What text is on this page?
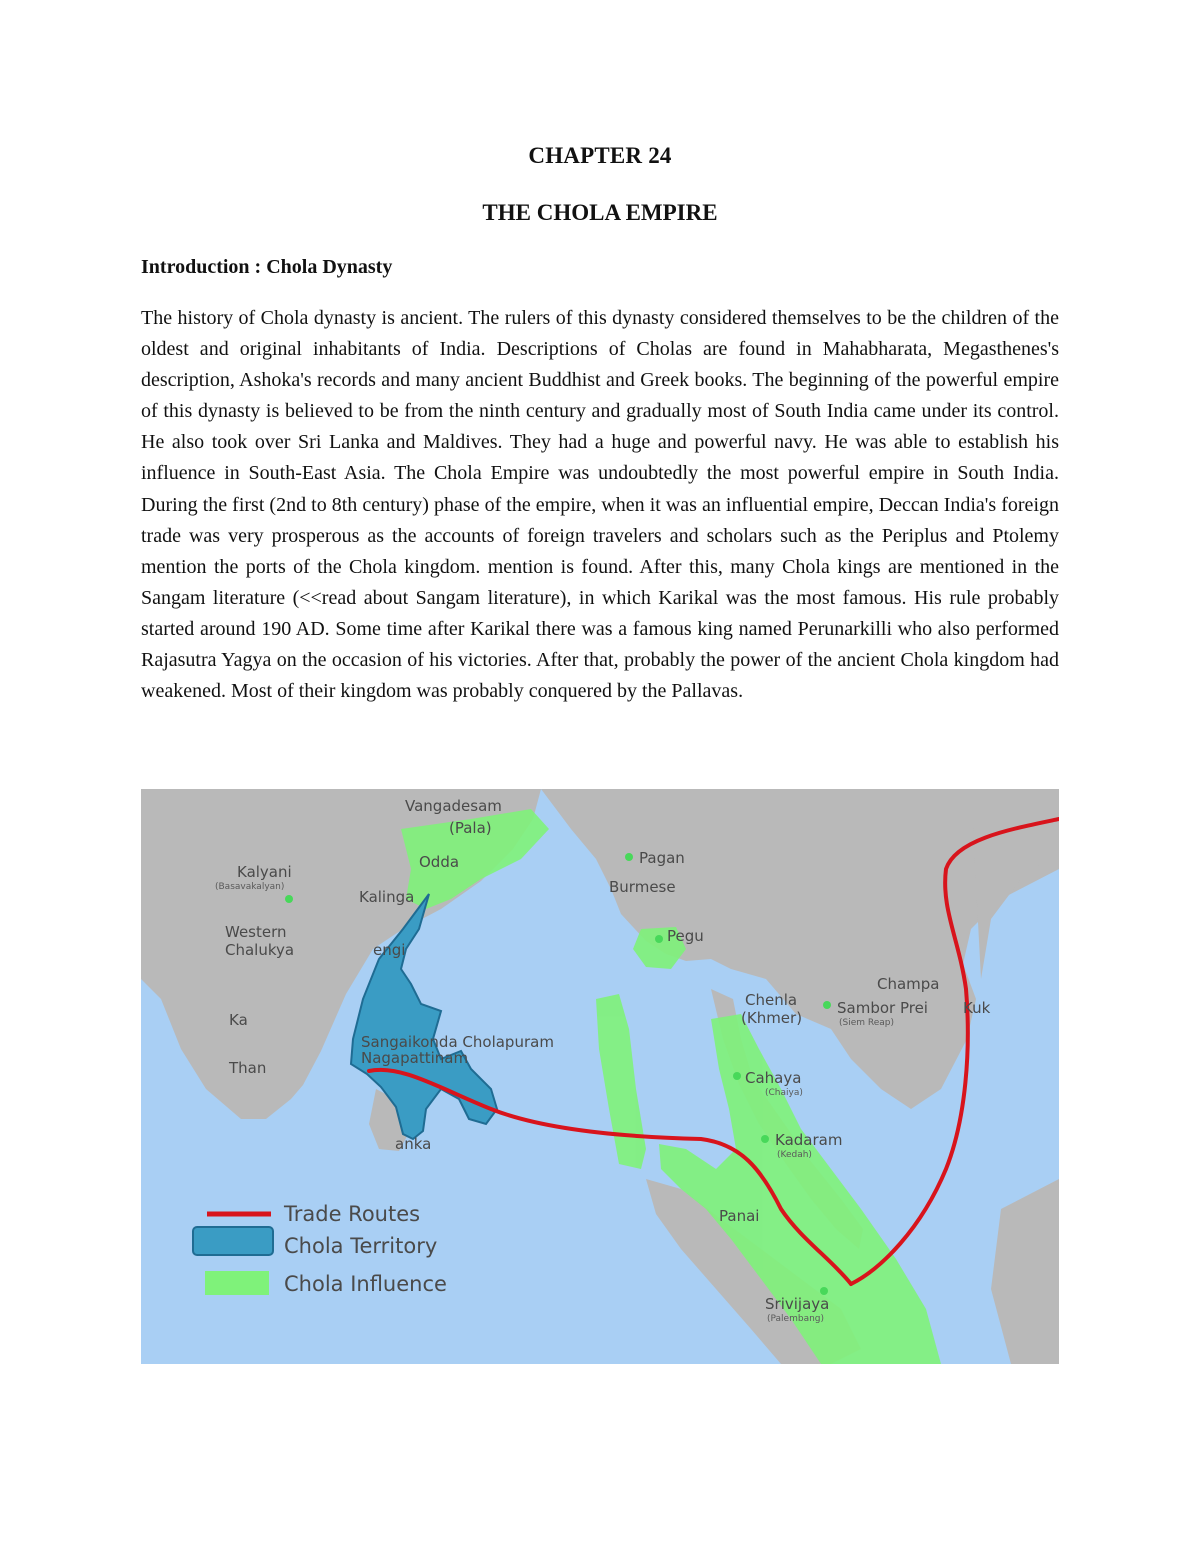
CHAPTER 24
THE CHOLA EMPIRE
Introduction : Chola Dynasty

The history of Chola dynasty is ancient. The rulers of this dynasty considered themselves to be the children of the oldest and original inhabitants of India. Descriptions of Cholas are found in Mahabharata, Megasthenes's description, Ashoka's records and many ancient Buddhist and Greek books. The beginning of the powerful empire of this dynasty is believed to be from the ninth century and gradually most of South India came under its control. He also took over Sri Lanka and Maldives. They had a huge and powerful navy. He was able to establish his influence in South-East Asia. The Chola Empire was undoubtedly the most powerful empire in South India. During the first (2nd to 8th century) phase of the empire, when it was an influential empire, Deccan India's foreign trade was very prosperous as the accounts of foreign travelers and scholars such as the Periplus and Ptolemy mention the ports of the Chola kingdom. mention is found. After this, many Chola kings are mentioned in the Sangam literature (<<read about Sangam literature), in which Karikal was the most famous. His rule probably started around 190 AD. Some time after Karikal there was a famous king named Perunarkilli who also performed Rajasutra Yagya on the occasion of his victories. After that, probably the power of the ancient Chola kingdom had weakened. Most of their kingdom was probably conquered by the Pallavas.

Vangadesam
(Pala)
Odda
Kalyani
(Basavakalyan)
Kalinga
Western
Chalukya	engi
Pagan
Burmese
Pegu
Champa
Chenla
(Khmer)
Sambor Prei Kuk
(Siem Reap)
Ka
Than
Sangaikonda Cholapuram
Nagapattinam
anka
Cahaya
(Chaiya)
Kadaram
(Kedah)
Panai
Srivijaya
(Palembang)
Trade Routes
Chola Territory
Chola Influence
